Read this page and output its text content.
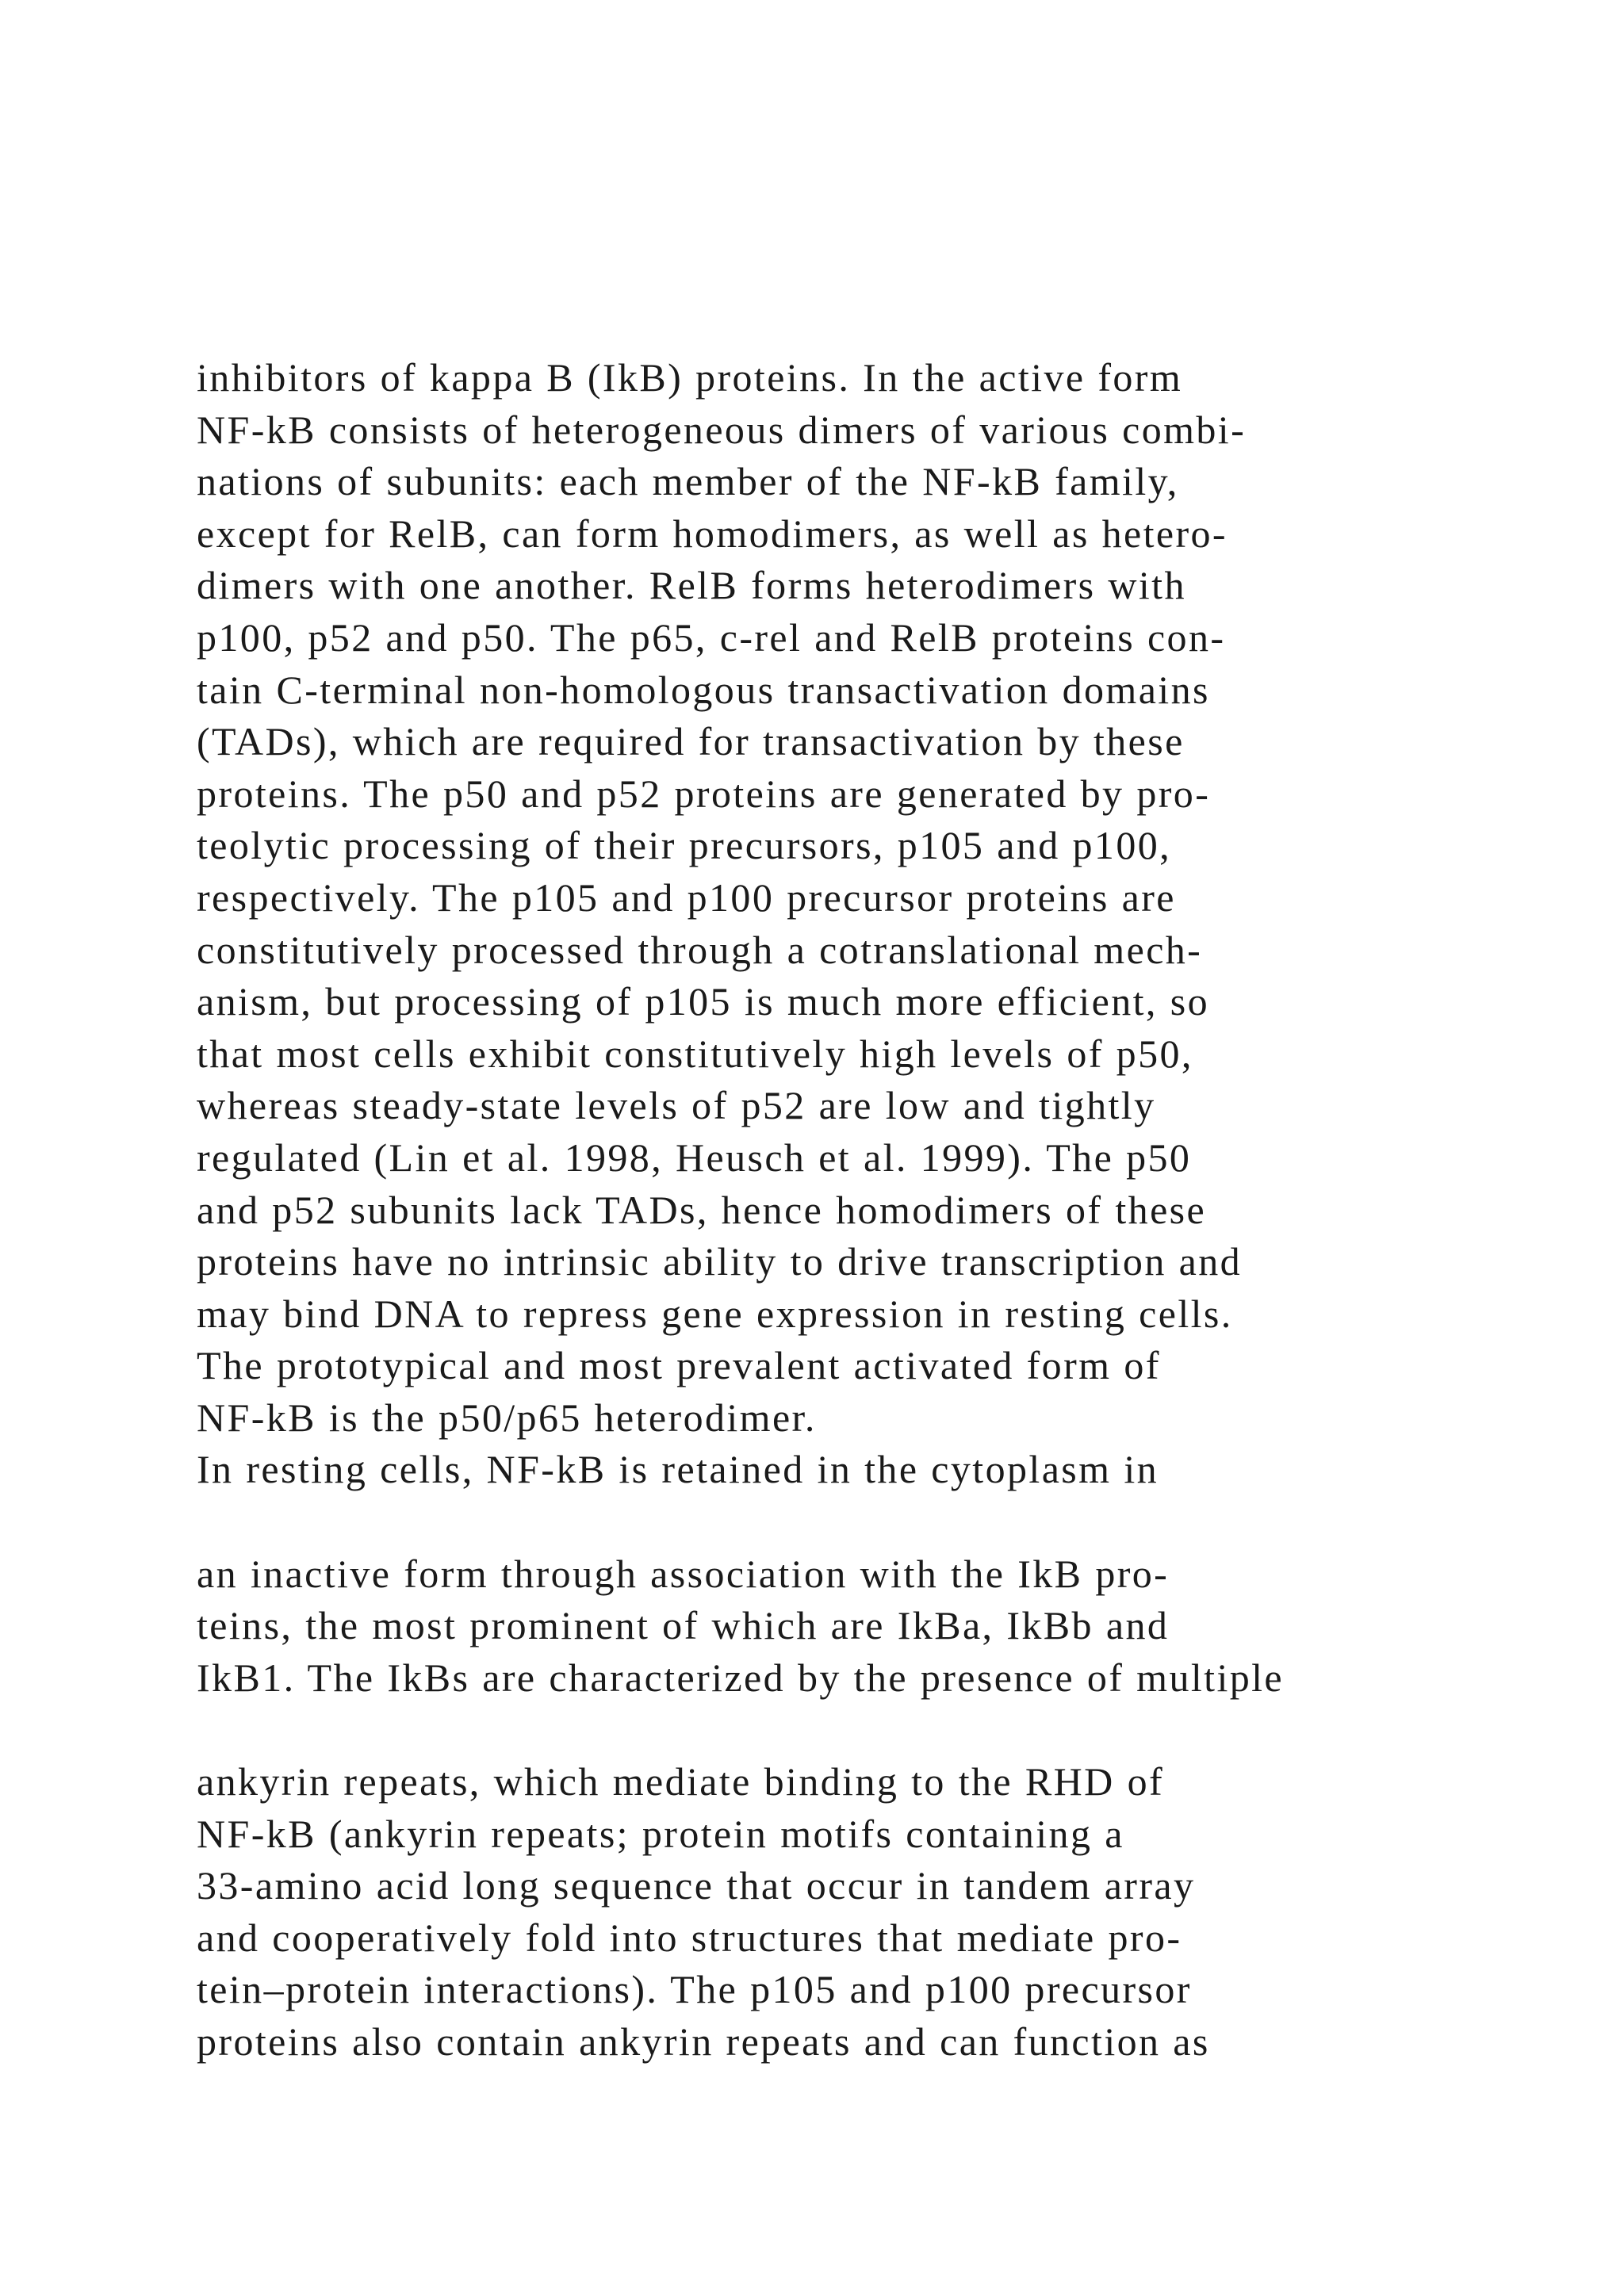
inhibitors of kappa B (IkB) proteins. In the active form
NF-kB consists of heterogeneous dimers of various combi-
nations of subunits: each member of the NF-kB family,
except for RelB, can form homodimers, as well as hetero-
dimers with one another. RelB forms heterodimers with
p100, p52 and p50. The p65, c-rel and RelB proteins con-
tain C-terminal non-homologous transactivation domains
(TADs), which are required for transactivation by these
proteins. The p50 and p52 proteins are generated by pro-
teolytic processing of their precursors, p105 and p100,
respectively. The p105 and p100 precursor proteins are
constitutively processed through a cotranslational mech-
anism, but processing of p105 is much more efficient, so
that most cells exhibit constitutively high levels of p50,
whereas steady-state levels of p52 are low and tightly
regulated (Lin et al. 1998, Heusch et al. 1999). The p50
and p52 subunits lack TADs, hence homodimers of these
proteins have no intrinsic ability to drive transcription and
may bind DNA to repress gene expression in resting cells.
The prototypical and most prevalent activated form of
NF-kB is the p50/p65 heterodimer.
In resting cells, NF-kB is retained in the cytoplasm in
an inactive form through association with the IkB pro-
teins, the most prominent of which are IkBa, IkBb and
IkB1. The IkBs are characterized by the presence of multiple
ankyrin repeats, which mediate binding to the RHD of
NF-kB (ankyrin repeats; protein motifs containing a
33-amino acid long sequence that occur in tandem array
and cooperatively fold into structures that mediate pro-
tein–protein interactions). The p105 and p100 precursor
proteins also contain ankyrin repeats and can function as
